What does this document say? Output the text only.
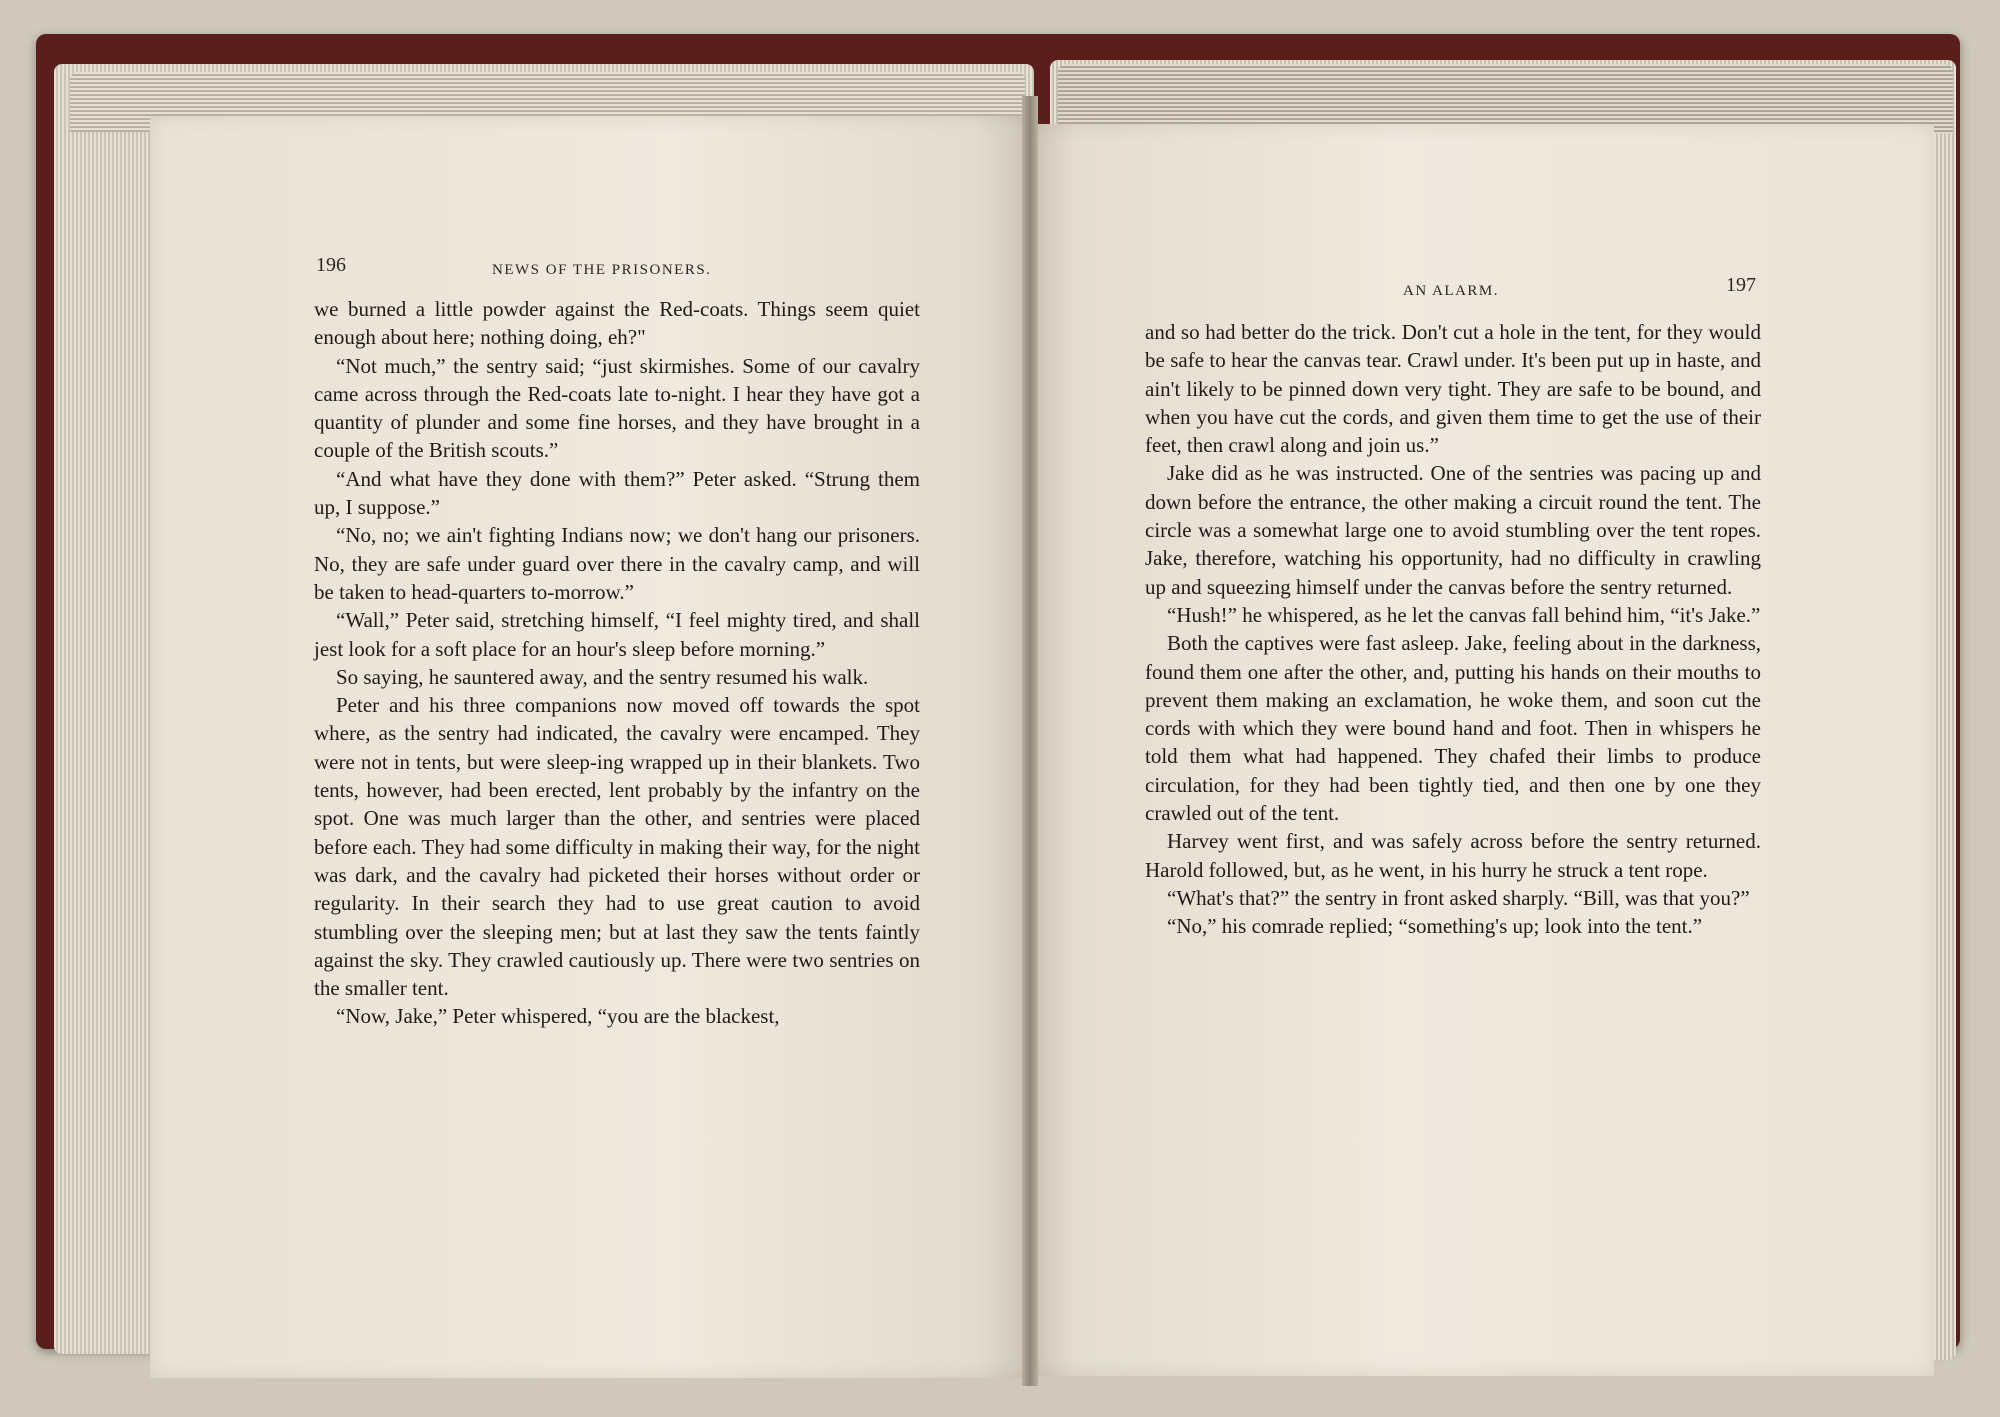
196	NEWS OF THE PRISONERS.
AN ALARM.	197

we burned a little powder against the Red-coats. Things seem quiet enough about here; nothing doing, eh?"

“Not much,” the sentry said; “just skirmishes. Some of our cavalry came across through the Red-coats late to-night. I hear they have got a quantity of plunder and some fine horses, and they have brought in a couple of the British scouts.”

“And what have they done with them?” Peter asked. “Strung them up, I suppose.”

“No, no; we ain't fighting Indians now; we don't hang our prisoners. No, they are safe under guard over there in the cavalry camp, and will be taken to head-quarters to-morrow.”

“Wall,” Peter said, stretching himself, “I feel mighty tired, and shall jest look for a soft place for an hour's sleep before morning.”

So saying, he sauntered away, and the sentry resumed his walk.

Peter and his three companions now moved off towards the spot where, as the sentry had indicated, the cavalry were encamped. They were not in tents, but were sleep-ing wrapped up in their blankets. Two tents, however, had been erected, lent probably by the infantry on the spot. One was much larger than the other, and sentries were placed before each. They had some difficulty in making their way, for the night was dark, and the cavalry had picketed their horses without order or regularity. In their search they had to use great caution to avoid stumbling over the sleeping men; but at last they saw the tents faintly against the sky. They crawled cautiously up. There were two sentries on the smaller tent.

“Now, Jake,” Peter whispered, “you are the blackest,

and so had better do the trick. Don't cut a hole in the tent, for they would be safe to hear the canvas tear. Crawl under. It's been put up in haste, and ain't likely to be pinned down very tight. They are safe to be bound, and when you have cut the cords, and given them time to get the use of their feet, then crawl along and join us.”

Jake did as he was instructed. One of the sentries was pacing up and down before the entrance, the other making a circuit round the tent. The circle was a somewhat large one to avoid stumbling over the tent ropes. Jake, therefore, watching his opportunity, had no difficulty in crawling up and squeezing himself under the canvas before the sentry returned.

“Hush!” he whispered, as he let the canvas fall behind him, “it's Jake.”

Both the captives were fast asleep. Jake, feeling about in the darkness, found them one after the other, and, putting his hands on their mouths to prevent them making an exclamation, he woke them, and soon cut the cords with which they were bound hand and foot. Then in whispers he told them what had happened. They chafed their limbs to produce circulation, for they had been tightly tied, and then one by one they crawled out of the tent.

Harvey went first, and was safely across before the sentry returned. Harold followed, but, as he went, in his hurry he struck a tent rope.

“What's that?” the sentry in front asked sharply. “Bill, was that you?”

“No,” his comrade replied; “something's up; look into the tent.”
